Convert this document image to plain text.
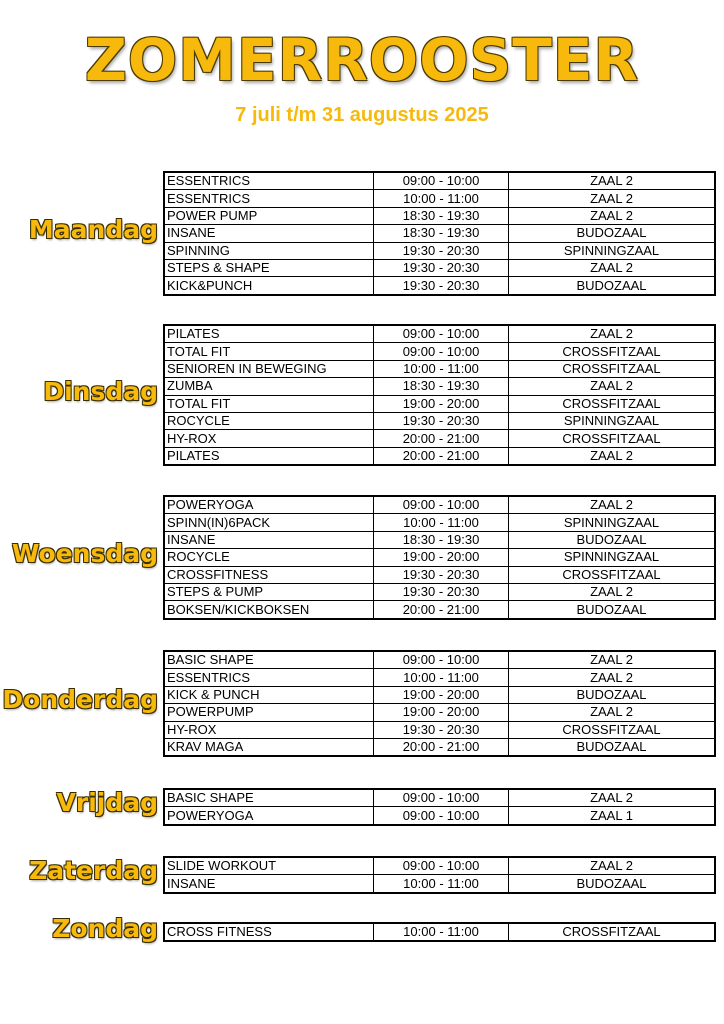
ZOMERROOSTER
7 juli t/m 31 augustus 2025
Maandag
ESSENTRICS	09:00 - 10:00	ZAAL 2
ESSENTRICS	10:00 - 11:00	ZAAL 2
POWER PUMP	18:30 - 19:30	ZAAL 2
INSANE	18:30 - 19:30	BUDOZAAL
SPINNING	19:30 - 20:30	SPINNINGZAAL
STEPS & SHAPE	19:30 - 20:30	ZAAL 2
KICK&PUNCH	19:30 - 20:30	BUDOZAAL
Dinsdag
PILATES	09:00 - 10:00	ZAAL 2
TOTAL FIT	09:00 - 10:00	CROSSFITZAAL
SENIOREN IN BEWEGING	10:00 - 11:00	CROSSFITZAAL
ZUMBA	18:30 - 19:30	ZAAL 2
TOTAL FIT	19:00 - 20:00	CROSSFITZAAL
ROCYCLE	19:30 - 20:30	SPINNINGZAAL
HY-ROX	20:00 - 21:00	CROSSFITZAAL
PILATES	20:00 - 21:00	ZAAL 2
Woensdag
POWERYOGA	09:00 - 10:00	ZAAL 2
SPINN(IN)6PACK	10:00 - 11:00	SPINNINGZAAL
INSANE	18:30 - 19:30	BUDOZAAL
ROCYCLE	19:00 - 20:00	SPINNINGZAAL
CROSSFITNESS	19:30 - 20:30	CROSSFITZAAL
STEPS & PUMP	19:30 - 20:30	ZAAL 2
BOKSEN/KICKBOKSEN	20:00 - 21:00	BUDOZAAL
Donderdag
BASIC SHAPE	09:00 - 10:00	ZAAL 2
ESSENTRICS	10:00 - 11:00	ZAAL 2
KICK & PUNCH	19:00 - 20:00	BUDOZAAL
POWERPUMP	19:00 - 20:00	ZAAL 2
HY-ROX	19:30 - 20:30	CROSSFITZAAL
KRAV MAGA	20:00 - 21:00	BUDOZAAL
Vrijdag BASIC SHAPE	09:00 - 10:00	ZAAL 2
POWERYOGA	09:00 - 10:00	ZAAL 1
Zaterdag SLIDE WORKOUT	09:00 - 10:00	ZAAL 2
INSANE	10:00 - 11:00	BUDOZAAL
Zondag CROSS FITNESS	10:00 - 11:00	CROSSFITZAAL
